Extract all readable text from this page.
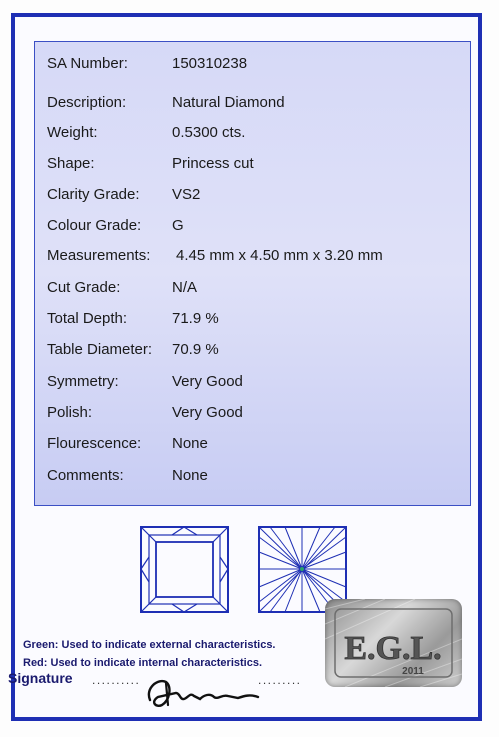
SA Number:	150310238
Description:	Natural Diamond
Weight:	0.5300 cts.
Shape:	Princess cut
Clarity Grade: VS2
Colour Grade: G
Measurements: 4.45 mm x 4.50 mm x 3.20 mm
Cut Grade:	N/A
Total Depth:	71.9 %
Table Diameter: 70.9 %
Symmetry:	Very Good
Polish:	Very Good
Flourescence: None
Comments:	None
Green: Used to indicate external characteristics.
Red: Used to indicate internal characteristics.
Signature ..........	.........
E.G.L.
2011
